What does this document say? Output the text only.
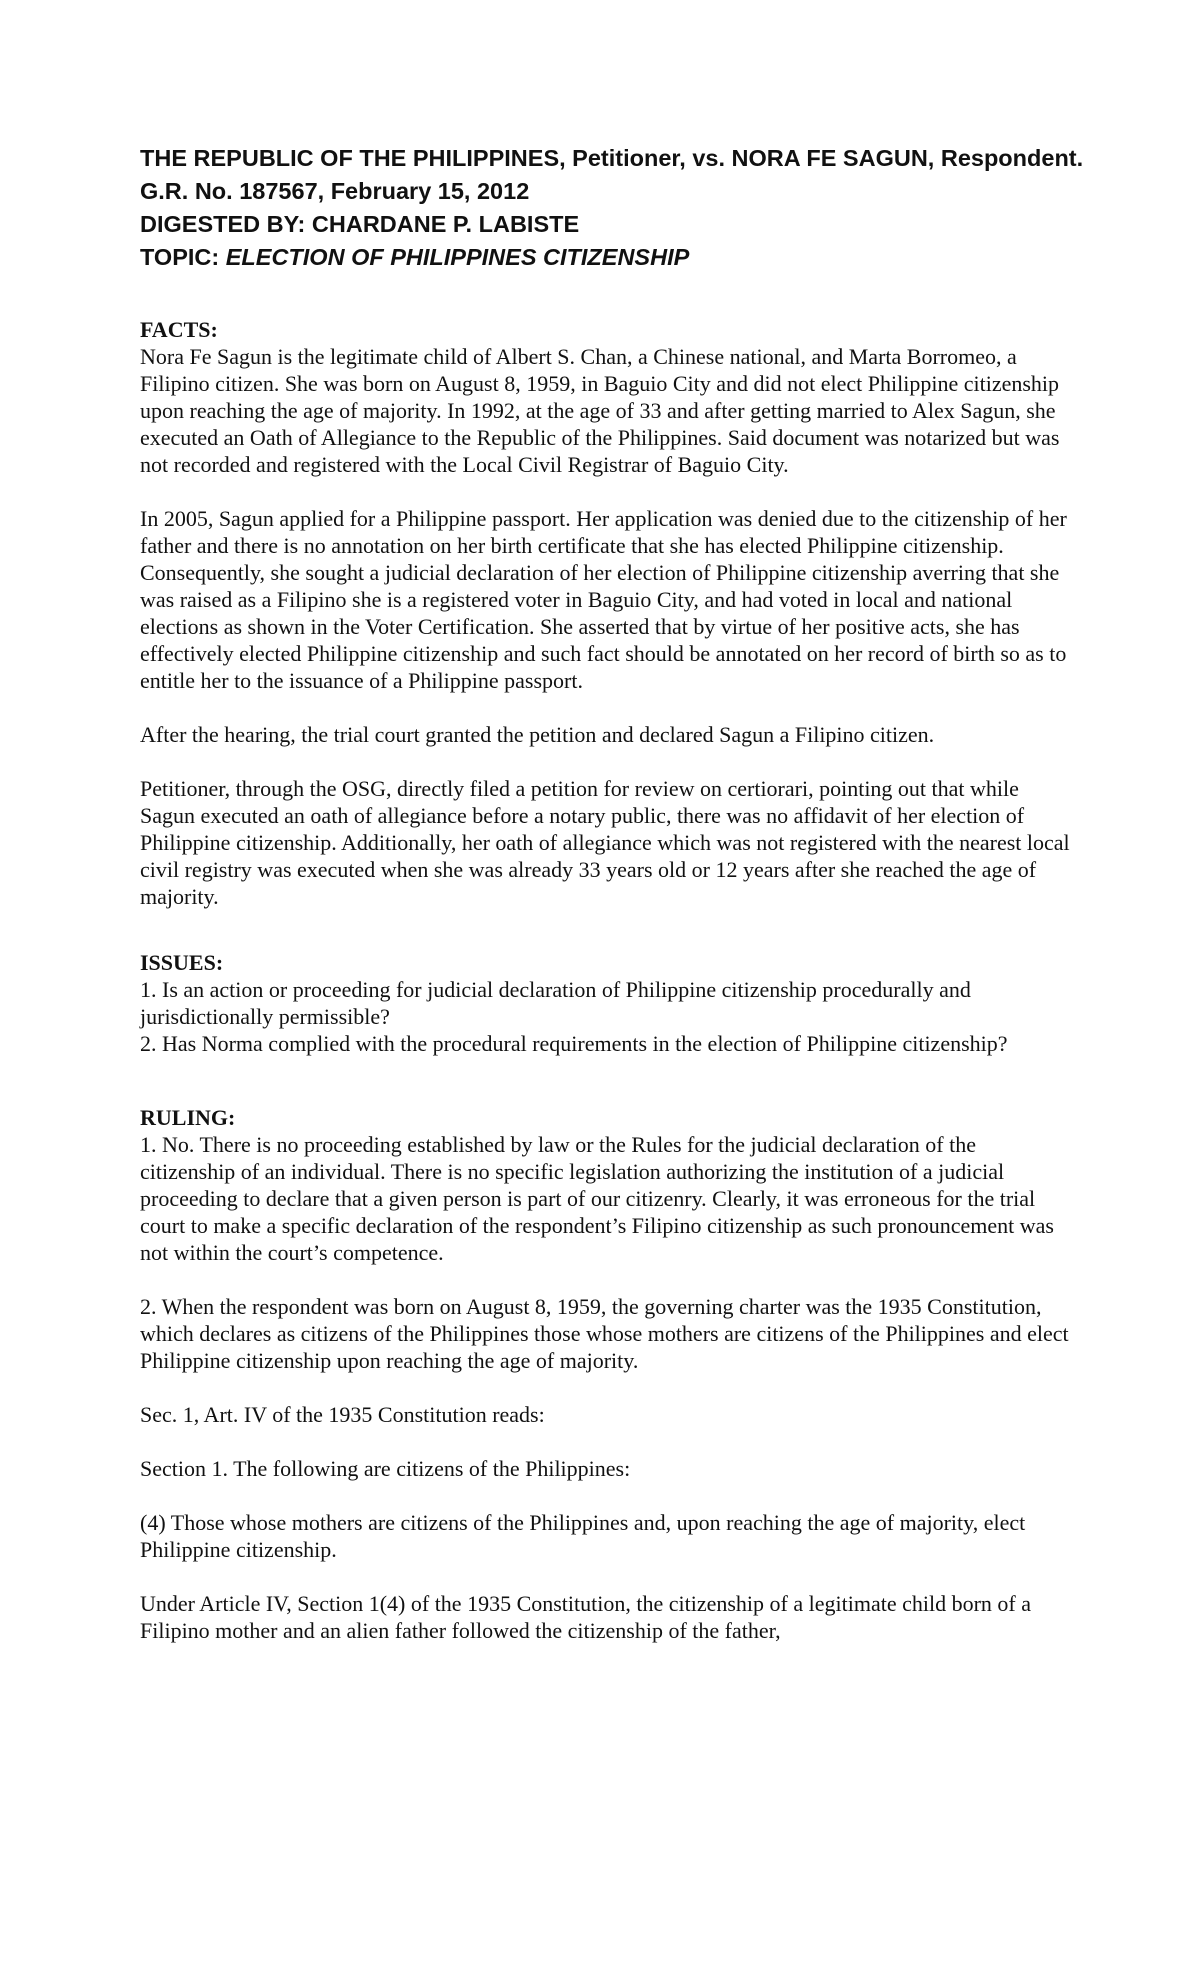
THE REPUBLIC OF THE PHILIPPINES, Petitioner, vs. NORA FE SAGUN, Respondent.
G.R. No. 187567, February 15, 2012
DIGESTED BY: CHARDANE P. LABISTE
TOPIC: ELECTION OF PHILIPPINES CITIZENSHIP

FACTS:

Nora Fe Sagun is the legitimate child of Albert S. Chan, a Chinese national, and Marta Borromeo, a Filipino citizen. She was born on August 8, 1959, in Baguio City and did not elect Philippine citizenship upon reaching the age of majority. In 1992, at the age of 33 and after getting married to Alex Sagun, she executed an Oath of Allegiance to the Republic of the Philippines. Said document was notarized but was not recorded and registered with the Local Civil Registrar of Baguio City.

In 2005, Sagun applied for a Philippine passport. Her application was denied due to the citizenship of her father and there is no annotation on her birth certificate that she has elected Philippine citizenship. Consequently, she sought a judicial declaration of her election of Philippine citizenship averring that she was raised as a Filipino she is a registered voter in Baguio City, and had voted in local and national elections as shown in the Voter Certification. She asserted that by virtue of her positive acts, she has effectively elected Philippine citizenship and such fact should be annotated on her record of birth so as to entitle her to the issuance of a Philippine passport.

After the hearing, the trial court granted the petition and declared Sagun a Filipino citizen.

Petitioner, through the OSG, directly filed a petition for review on certiorari, pointing out that while Sagun executed an oath of allegiance before a notary public, there was no affidavit of her election of Philippine citizenship. Additionally, her oath of allegiance which was not registered with the nearest local civil registry was executed when she was already 33 years old or 12 years after she reached the age of majority.

ISSUES:

1. Is an action or proceeding for judicial declaration of Philippine citizenship procedurally and jurisdictionally permissible?

2. Has Norma complied with the procedural requirements in the election of Philippine citizenship?

RULING:

1. No. There is no proceeding established by law or the Rules for the judicial declaration of the citizenship of an individual. There is no specific legislation authorizing the institution of a judicial proceeding to declare that a given person is part of our citizenry. Clearly, it was erroneous for the trial court to make a specific declaration of the respondent’s Filipino citizenship as such pronouncement was not within the court’s competence.

2. When the respondent was born on August 8, 1959, the governing charter was the 1935 Constitution, which declares as citizens of the Philippines those whose mothers are citizens of the Philippines and elect Philippine citizenship upon reaching the age of majority.

Sec. 1, Art. IV of the 1935 Constitution reads:

Section 1. The following are citizens of the Philippines:

(4) Those whose mothers are citizens of the Philippines and, upon reaching the age of majority, elect Philippine citizenship.

Under Article IV, Section 1(4) of the 1935 Constitution, the citizenship of a legitimate child born of a Filipino mother and an alien father followed the citizenship of the father,
